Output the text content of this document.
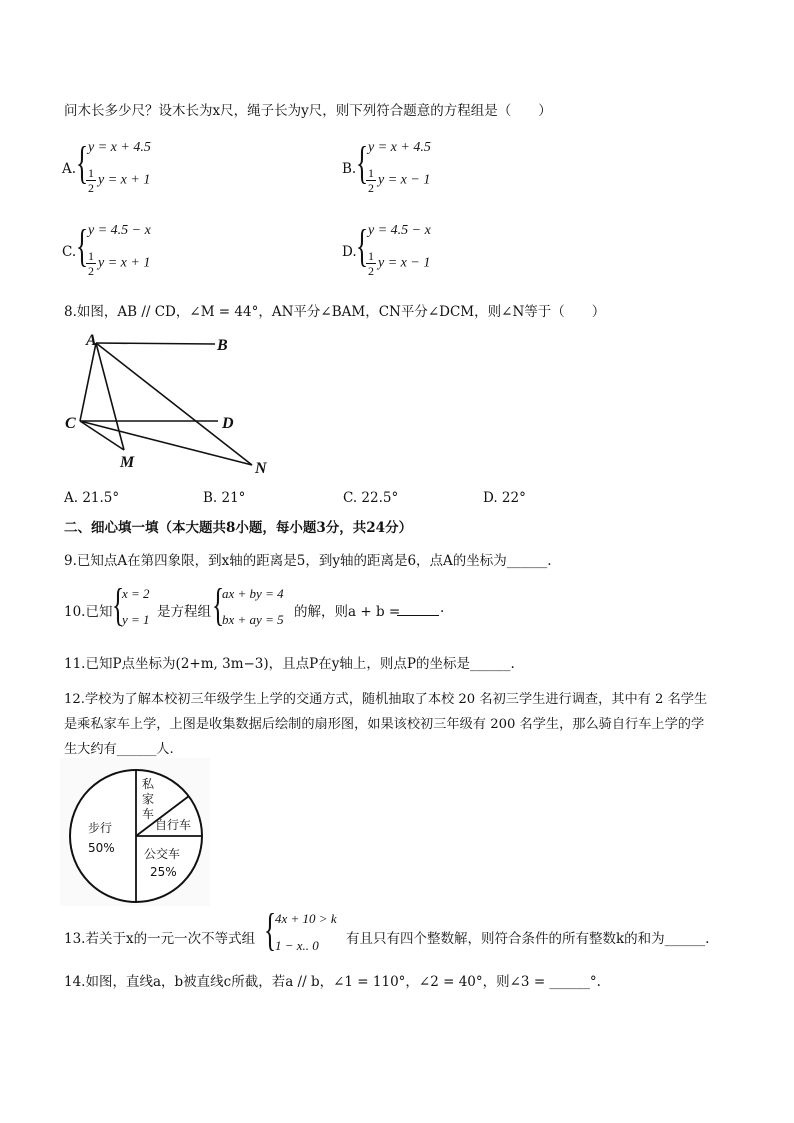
问木长多少尺？设木长为x尺，绳子长为y尺，则下列符合题意的方程组是（　　）
A. { y = x + 4.5
$\frac{1}{2}$ y = x + 1
B. { y = x + 4.5
$\frac{1}{2}$ y = x − 1
C. { y = 4.5 − x
$\frac{1}{2}$ y = x + 1
D. { y = 4.5 − x
$\frac{1}{2}$ y = x − 1
8.如图，AB // CD，∠M = 44°，AN平分∠BAM，CN平分∠DCM，则∠N等于（　　）
A	B
C	D
M	N
A. 21.5°	B. 21°	C. 22.5°	D. 22°
二、细心填一填（本大题共8小题，每小题3分，共24分）
9.已知点A在第四象限，到x轴的距离是5，到y轴的距离是6，点A的坐标为______.
10.已知 {
x = 2
y = 1 是方程组 {
ax + by = 4
bx + ay = 5 的解，则a + b =	.
11.已知P点坐标为(2+m, 3m−3)，且点P在y轴上，则点P的坐标是______.
12.学校为了解本校初三年级学生上学的交通方式，随机抽取了本校 20 名初三学生进行调查，其中有 2 名学生
是乘私家车上学，上图是收集数据后绘制的扇形图，如果该校初三年级有 200 名学生，那么骑自行车上学的学
生大约有______人.
步行
50%
私
家
车
自行车
公交车
25%
13.若关于x的一元一次不等式组 {
4x + 10 > k
1 − x.. 0 有且只有四个整数解，则符合条件的所有整数k的和为______.
14.如图，直线a，b被直线c所截，若a // b，∠1 = 110°，∠2 = 40°，则∠3 = ______°.
